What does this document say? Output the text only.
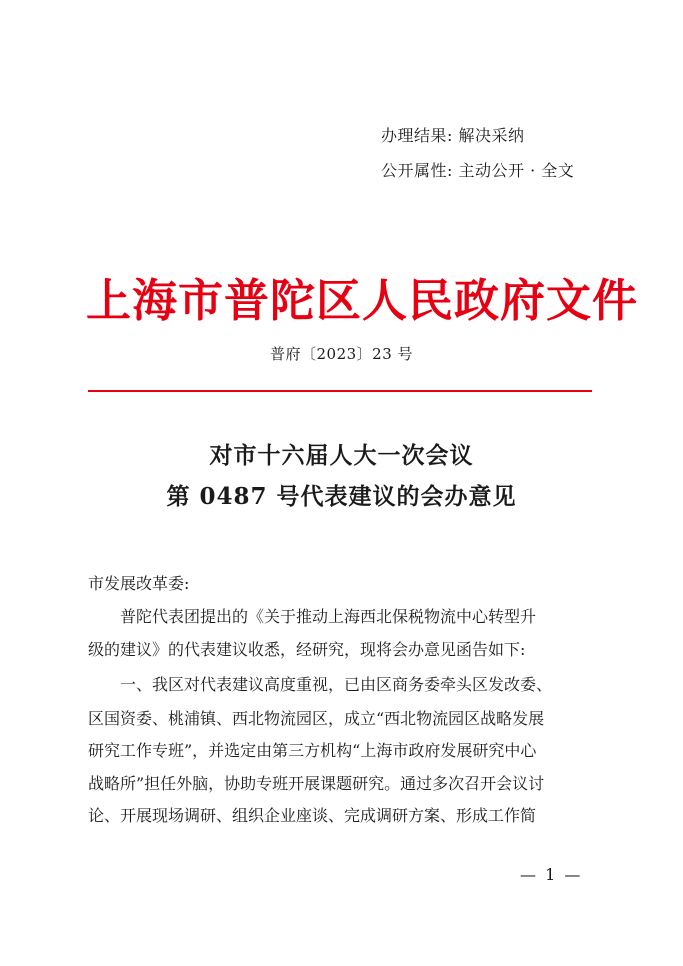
办理结果: 解决采纳
公开属性: 主动公开 · 全文
上海市普陀区人民政府文件
普府〔2023〕23 号
对市十六届人大一次会议
第 0487 号代表建议的会办意见
市发展改革委:
普陀代表团提出的《关于推动上海西北保税物流中心转型升
级的建议》的代表建议收悉，经研究，现将会办意见函告如下:
一、我区对代表建议高度重视，已由区商务委牵头区发改委、
区国资委、桃浦镇、西北物流园区，成立“西北物流园区战略发展
研究工作专班”，并选定由第三方机构“上海市政府发展研究中心
战略所”担任外脑，协助专班开展课题研究。通过多次召开会议讨
论、开展现场调研、组织企业座谈、完成调研方案、形成工作简
— 1 —
